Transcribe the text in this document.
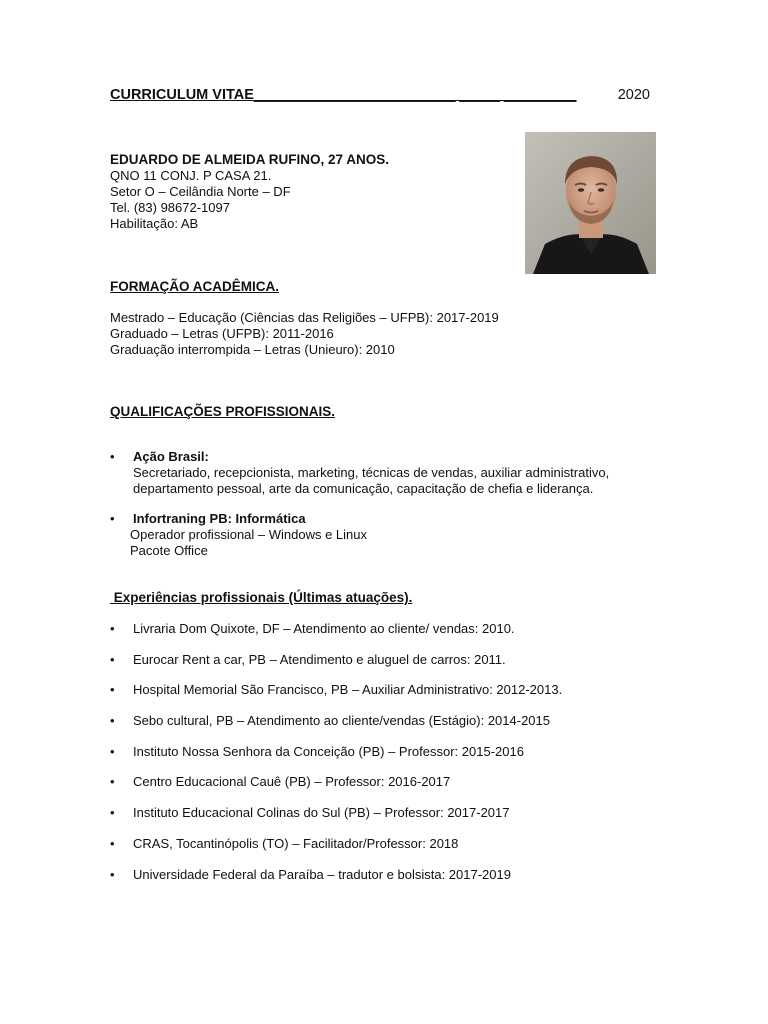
CURRICULUM VITAE_________________________ _____ _________	2020
EDUARDO DE ALMEIDA RUFINO, 27 ANOS.
QNO 11 CONJ. P CASA 21.
Setor O – Ceilândia Norte – DF
Tel. (83) 98672-1097
Habilitação: AB
FORMAÇÃO ACADÊMICA.
Mestrado – Educação (Ciências das Religiões – UFPB): 2017-2019
Graduado – Letras (UFPB): 2011-2016
Graduação interrompida – Letras (Unieuro): 2010
QUALIFICAÇÕES PROFISSIONAIS.
• Ação Brasil:
Secretariado, recepcionista, marketing, técnicas de vendas, auxiliar administrativo,
departamento pessoal, arte da comunicação, capacitação de chefia e liderança.
• Infortraning PB: Informática
Operador profissional – Windows e Linux
Pacote Office
Experiências profissionais (Últimas atuações).
• Livraria Dom Quixote, DF – Atendimento ao cliente/ vendas: 2010.
• Eurocar Rent a car, PB – Atendimento e aluguel de carros: 2011.
• Hospital Memorial São Francisco, PB – Auxiliar Administrativo: 2012-2013.
• Sebo cultural, PB – Atendimento ao cliente/vendas (Estágio): 2014-2015
• Instituto Nossa Senhora da Conceição (PB) – Professor: 2015-2016
• Centro Educacional Cauê (PB) – Professor: 2016-2017
• Instituto Educacional Colinas do Sul (PB) – Professor: 2017-2017
• CRAS, Tocantinópolis (TO) – Facilitador/Professor: 2018
• Universidade Federal da Paraíba – tradutor e bolsista: 2017-2019
